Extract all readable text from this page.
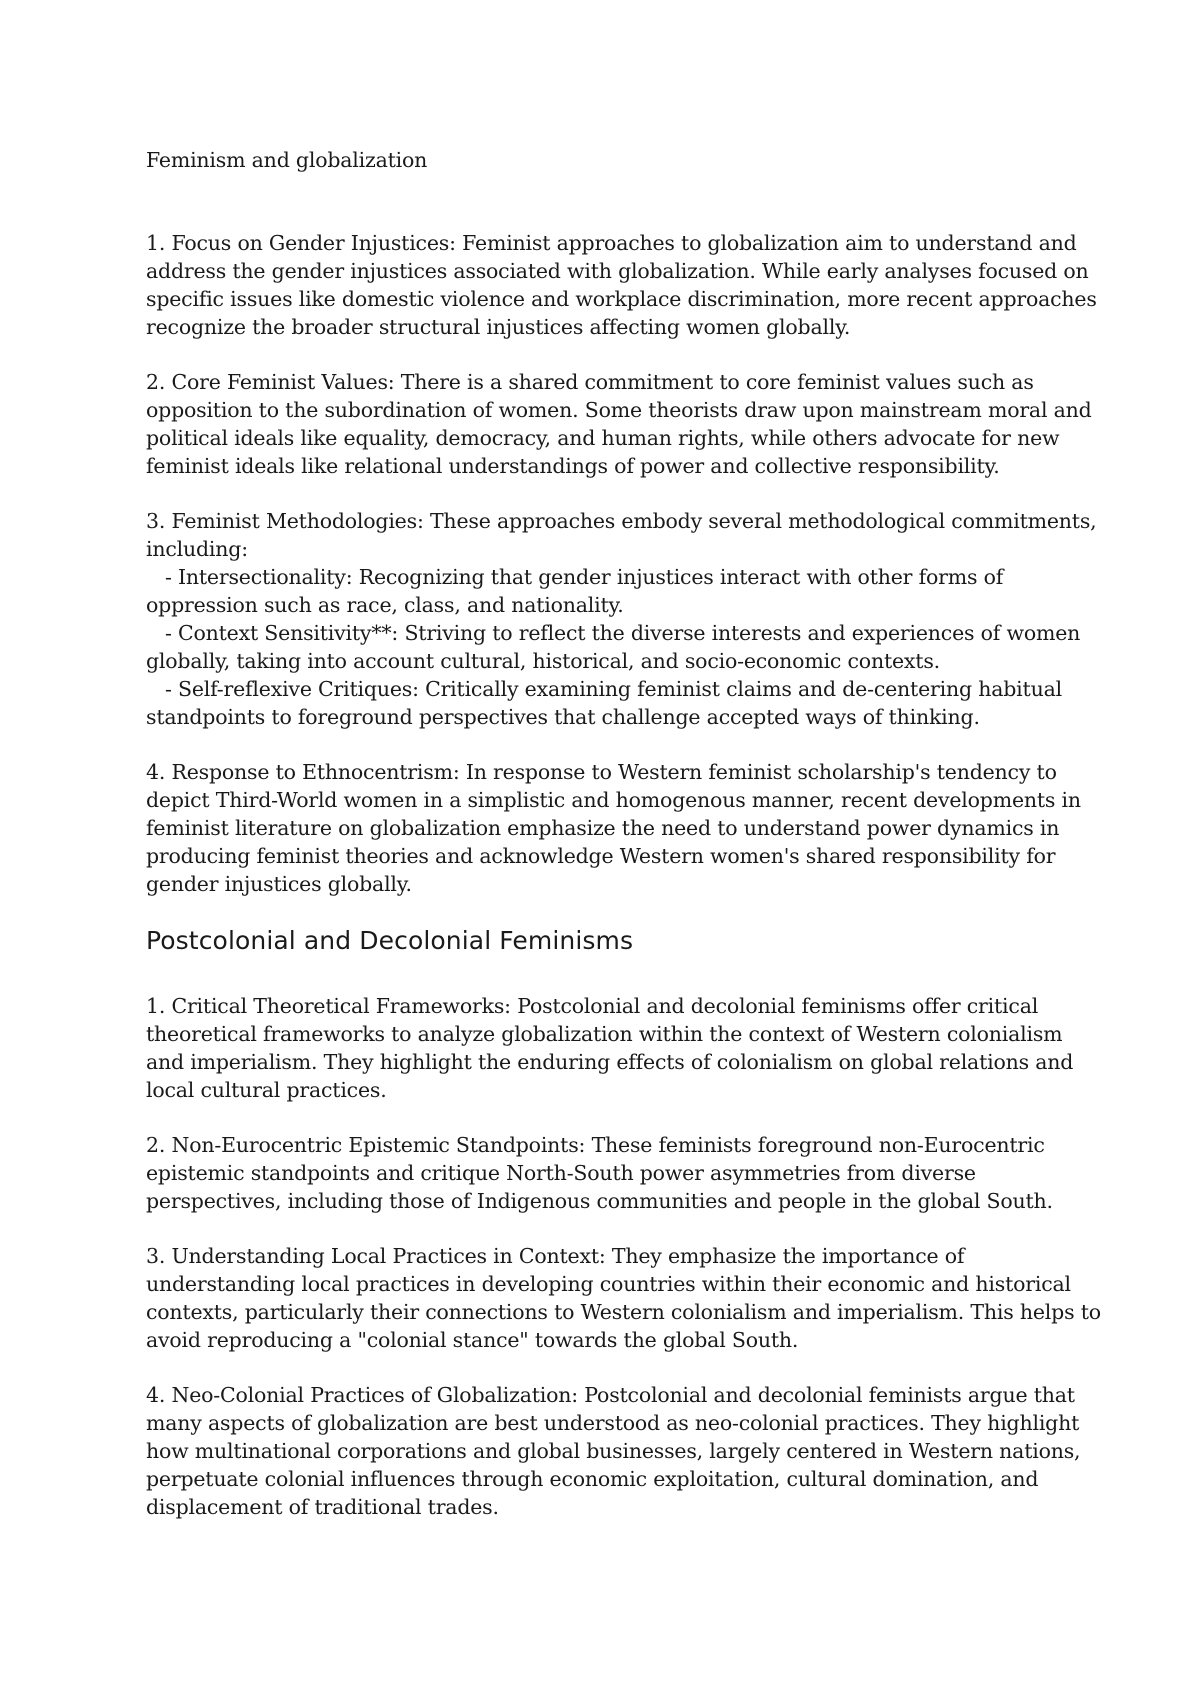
Feminism and globalization
1. Focus on Gender Injustices: Feminist approaches to globalization aim to understand and
address the gender injustices associated with globalization. While early analyses focused on
specific issues like domestic violence and workplace discrimination, more recent approaches
recognize the broader structural injustices affecting women globally.
2. Core Feminist Values: There is a shared commitment to core feminist values such as
opposition to the subordination of women. Some theorists draw upon mainstream moral and
political ideals like equality, democracy, and human rights, while others advocate for new
feminist ideals like relational understandings of power and collective responsibility.
3. Feminist Methodologies: These approaches embody several methodological commitments,
including:
- Intersectionality: Recognizing that gender injustices interact with other forms of
oppression such as race, class, and nationality.
- Context Sensitivity**: Striving to reflect the diverse interests and experiences of women
globally, taking into account cultural, historical, and socio-economic contexts.
- Self-reflexive Critiques: Critically examining feminist claims and de-centering habitual
standpoints to foreground perspectives that challenge accepted ways of thinking.
4. Response to Ethnocentrism: In response to Western feminist scholarship's tendency to
depict Third-World women in a simplistic and homogenous manner, recent developments in
feminist literature on globalization emphasize the need to understand power dynamics in
producing feminist theories and acknowledge Western women's shared responsibility for
gender injustices globally.
Postcolonial and Decolonial Feminisms
1. Critical Theoretical Frameworks: Postcolonial and decolonial feminisms offer critical
theoretical frameworks to analyze globalization within the context of Western colonialism
and imperialism. They highlight the enduring effects of colonialism on global relations and
local cultural practices.
2. Non-Eurocentric Epistemic Standpoints: These feminists foreground non-Eurocentric
epistemic standpoints and critique North-South power asymmetries from diverse
perspectives, including those of Indigenous communities and people in the global South.
3. Understanding Local Practices in Context: They emphasize the importance of
understanding local practices in developing countries within their economic and historical
contexts, particularly their connections to Western colonialism and imperialism. This helps to
avoid reproducing a "colonial stance" towards the global South.
4. Neo-Colonial Practices of Globalization: Postcolonial and decolonial feminists argue that
many aspects of globalization are best understood as neo-colonial practices. They highlight
how multinational corporations and global businesses, largely centered in Western nations,
perpetuate colonial influences through economic exploitation, cultural domination, and
displacement of traditional trades.
